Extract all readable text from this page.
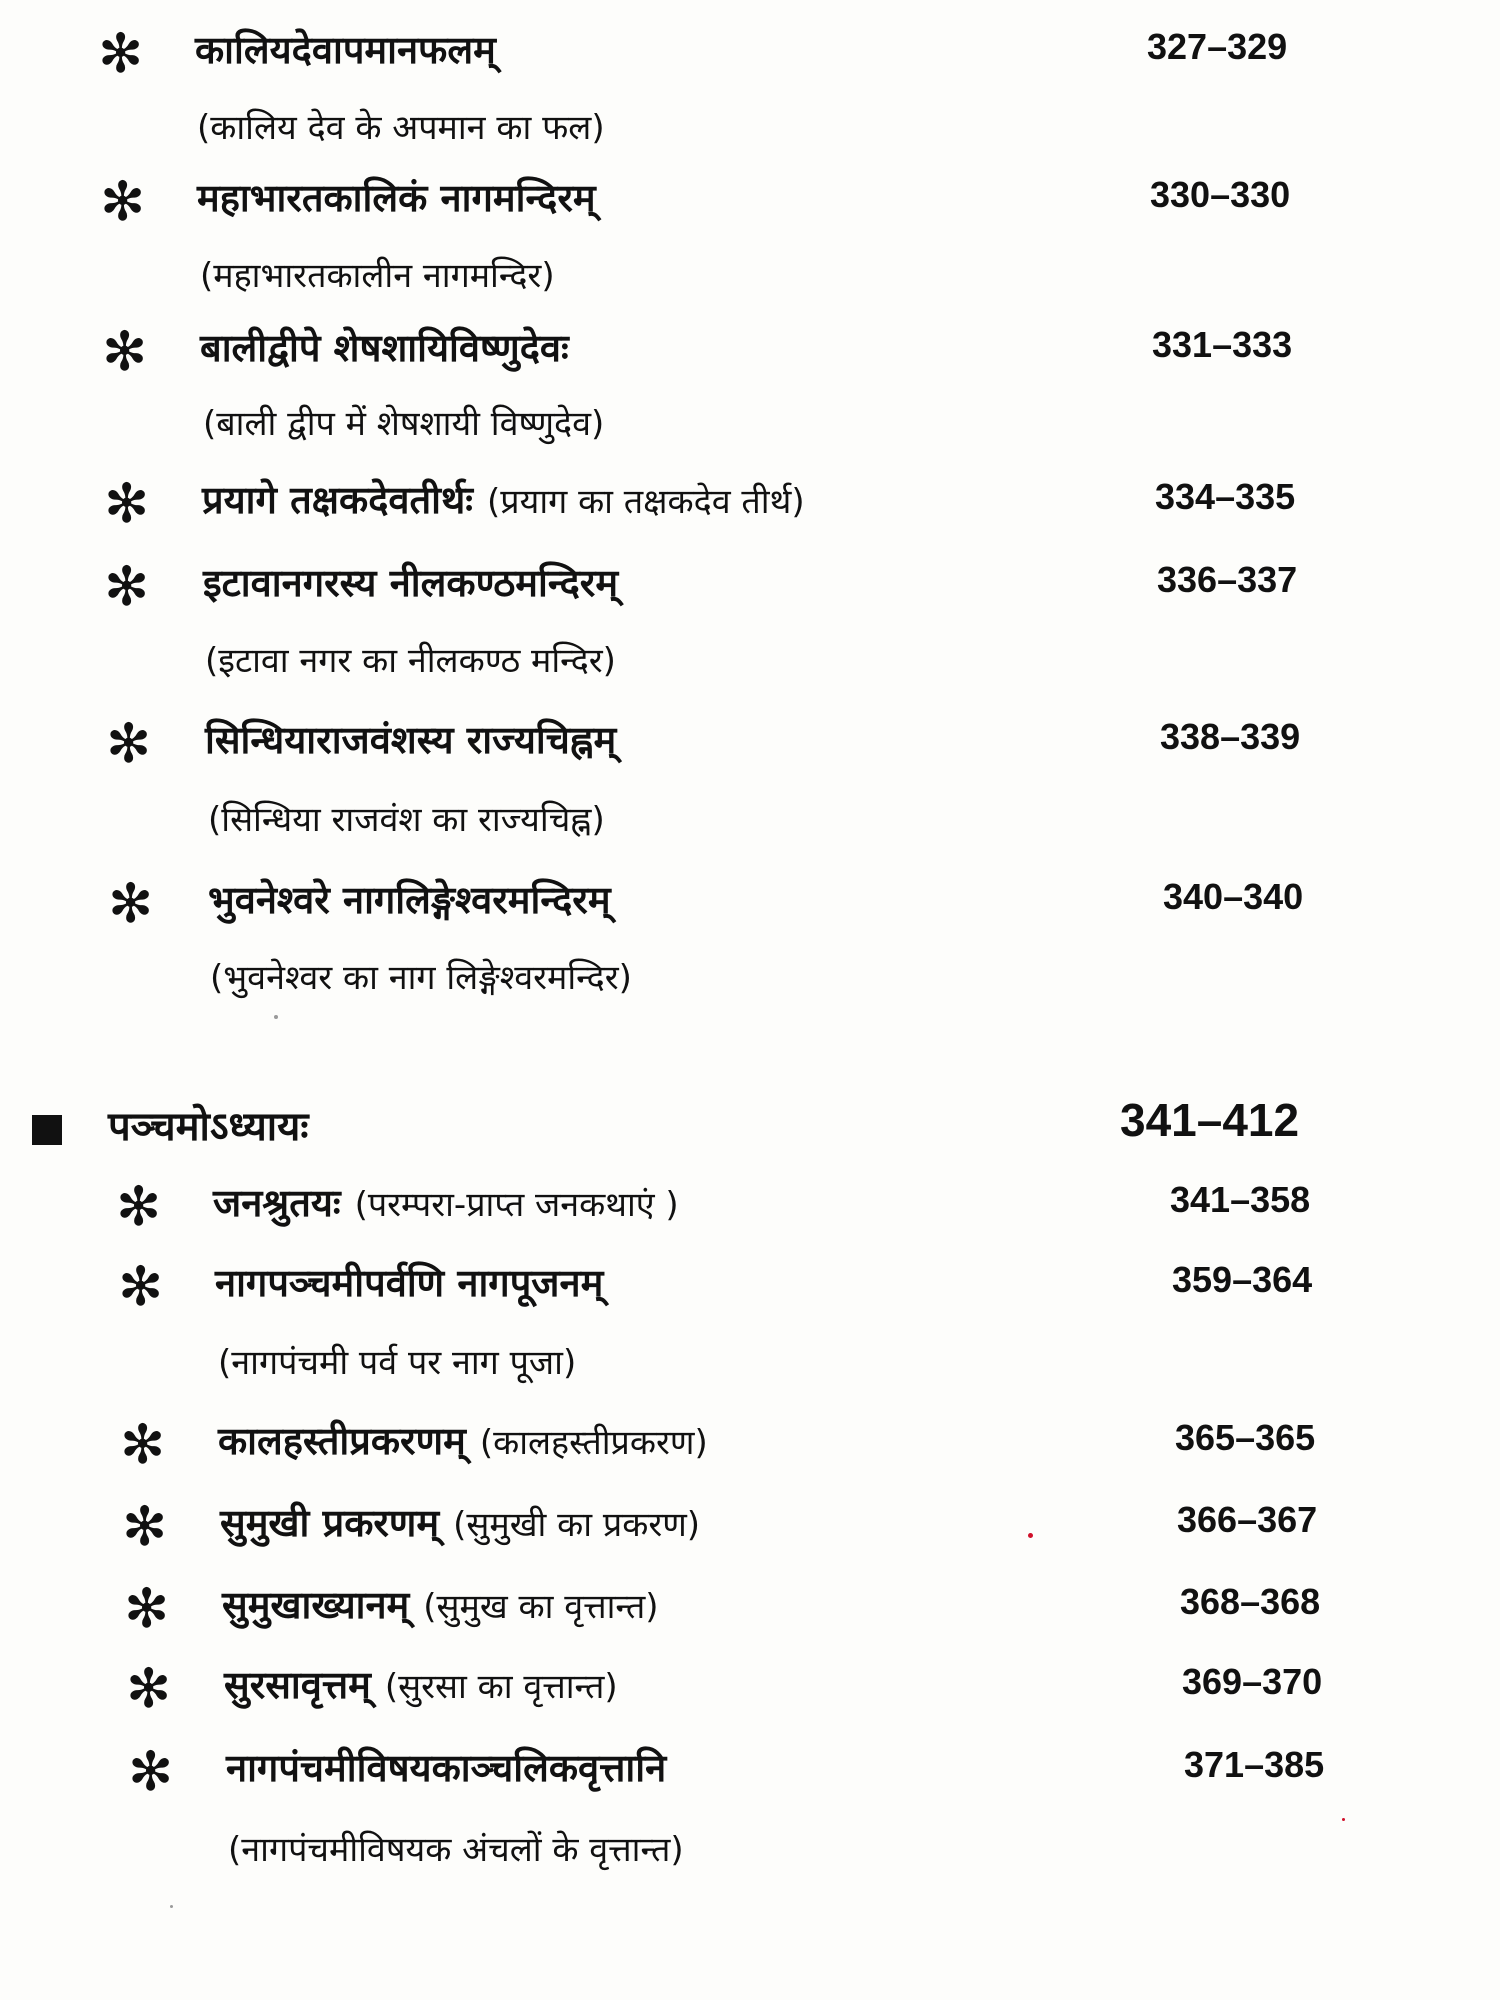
✻ कालियदेवापमानफलम्	327–329
(कालिय देव के अपमान का फल)
✻ महाभारतकालिकं नागमन्दिरम्	330–330
(महाभारतकालीन नागमन्दिर)
✻ बालीद्वीपे शेषशायिविष्णुदेवः	331–333
(बाली द्वीप में शेषशायी विष्णुदेव)
✻ प्रयागे तक्षकदेवतीर्थः (प्रयाग का तक्षकदेव तीर्थ)	334–335
✻ इटावानगरस्य नीलकण्ठमन्दिरम्	336–337
(इटावा नगर का नीलकण्ठ मन्दिर)
✻ सिन्धियाराजवंशस्य राज्यचिह्नम्	338–339
(सिन्धिया राजवंश का राज्यचिह्न)
✻ भुवनेश्वरे नागलिङ्गेश्वरमन्दिरम्	340–340
(भुवनेश्वर का नाग लिङ्गेश्वरमन्दिर)
पञ्चमोऽध्यायः	341–412
✻ जनश्रुतयः (परम्परा-प्राप्त जनकथाएं )	341–358
✻ नागपञ्चमीपर्वणि नागपूजनम्	359–364
(नागपंचमी पर्व पर नाग पूजा)
✻ कालहस्तीप्रकरणम् (कालहस्तीप्रकरण)	365–365
✻ सुमुखी प्रकरणम् (सुमुखी का प्रकरण)	366–367
✻ सुमुखाख्यानम् (सुमुख का वृत्तान्त)	368–368
✻ सुरसावृत्तम् (सुरसा का वृत्तान्त)	369–370
✻ नागपंचमीविषयकाञ्चलिकवृत्तानि	371–385
(नागपंचमीविषयक अंचलों के वृत्तान्त)
